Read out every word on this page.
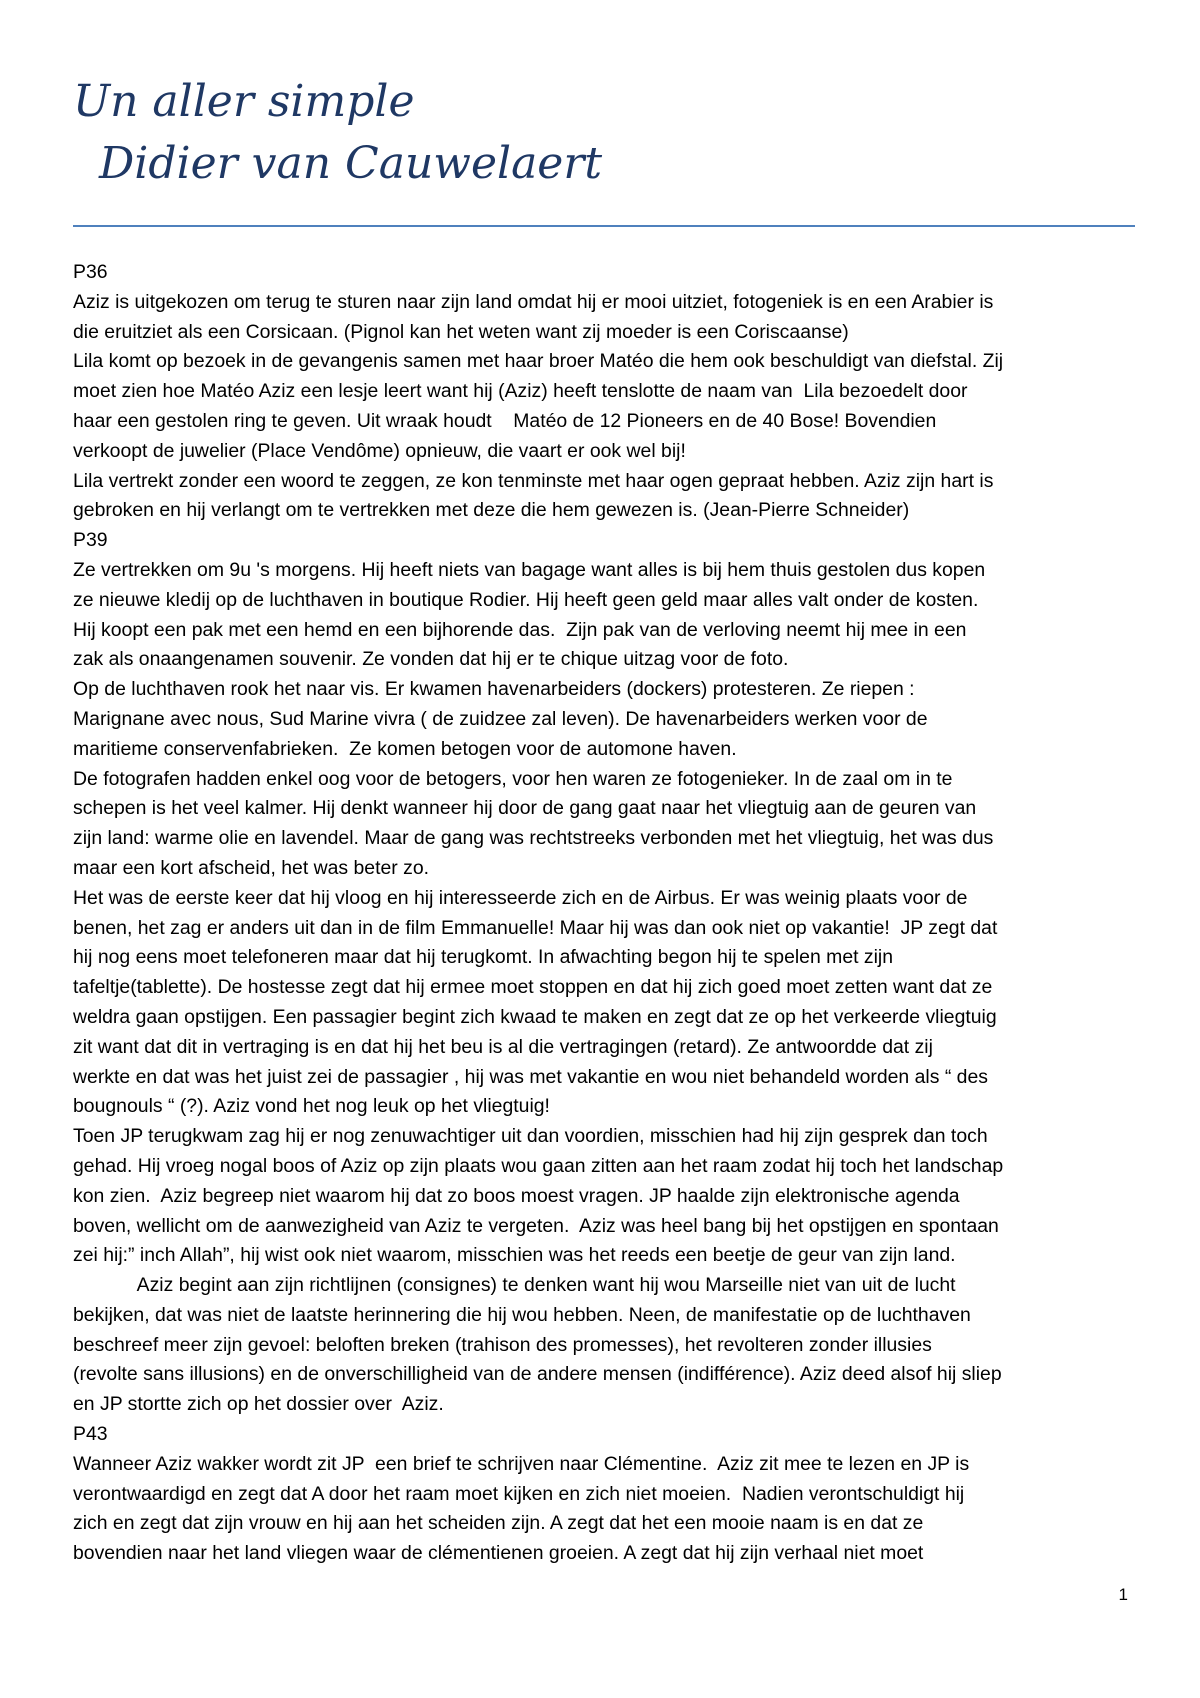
Un aller simple
Didier van Cauwelaert
P36
Aziz is uitgekozen om terug te sturen naar zijn land omdat hij er mooi uitziet, fotogeniek is en een Arabier is
die eruitziet als een Corsicaan. (Pignol kan het weten want zij moeder is een Coriscaanse)
Lila komt op bezoek in de gevangenis samen met haar broer Matéo die hem ook beschuldigt van diefstal. Zij
moet zien hoe Matéo Aziz een lesje leert want hij (Aziz) heeft tenslotte de naam van  Lila bezoedelt door
haar een gestolen ring te geven. Uit wraak houdt    Matéo de 12 Pioneers en de 40 Bose! Bovendien
verkoopt de juwelier (Place Vendôme) opnieuw, die vaart er ook wel bij!
Lila vertrekt zonder een woord te zeggen, ze kon tenminste met haar ogen gepraat hebben. Aziz zijn hart is
gebroken en hij verlangt om te vertrekken met deze die hem gewezen is. (Jean-Pierre Schneider)
P39
Ze vertrekken om 9u 's morgens. Hij heeft niets van bagage want alles is bij hem thuis gestolen dus kopen
ze nieuwe kledij op de luchthaven in boutique Rodier. Hij heeft geen geld maar alles valt onder de kosten.
Hij koopt een pak met een hemd en een bijhorende das.  Zijn pak van de verloving neemt hij mee in een
zak als onaangenamen souvenir. Ze vonden dat hij er te chique uitzag voor de foto.
Op de luchthaven rook het naar vis. Er kwamen havenarbeiders (dockers) protesteren. Ze riepen :
Marignane avec nous, Sud Marine vivra ( de zuidzee zal leven). De havenarbeiders werken voor de
maritieme conservenfabrieken.  Ze komen betogen voor de automone haven.
De fotografen hadden enkel oog voor de betogers, voor hen waren ze fotogenieker. In de zaal om in te
schepen is het veel kalmer. Hij denkt wanneer hij door de gang gaat naar het vliegtuig aan de geuren van
zijn land: warme olie en lavendel. Maar de gang was rechtstreeks verbonden met het vliegtuig, het was dus
maar een kort afscheid, het was beter zo.
Het was de eerste keer dat hij vloog en hij interesseerde zich en de Airbus. Er was weinig plaats voor de
benen, het zag er anders uit dan in de film Emmanuelle! Maar hij was dan ook niet op vakantie!  JP zegt dat
hij nog eens moet telefoneren maar dat hij terugkomt. In afwachting begon hij te spelen met zijn
tafeltje(tablette). De hostesse zegt dat hij ermee moet stoppen en dat hij zich goed moet zetten want dat ze
weldra gaan opstijgen. Een passagier begint zich kwaad te maken en zegt dat ze op het verkeerde vliegtuig
zit want dat dit in vertraging is en dat hij het beu is al die vertragingen (retard). Ze antwoordde dat zij
werkte en dat was het juist zei de passagier , hij was met vakantie en wou niet behandeld worden als “ des
bougnouls “ (?). Aziz vond het nog leuk op het vliegtuig!
Toen JP terugkwam zag hij er nog zenuwachtiger uit dan voordien, misschien had hij zijn gesprek dan toch
gehad. Hij vroeg nogal boos of Aziz op zijn plaats wou gaan zitten aan het raam zodat hij toch het landschap
kon zien.  Aziz begreep niet waarom hij dat zo boos moest vragen. JP haalde zijn elektronische agenda
boven, wellicht om de aanwezigheid van Aziz te vergeten.  Aziz was heel bang bij het opstijgen en spontaan
zei hij:” inch Allah”, hij wist ook niet waarom, misschien was het reeds een beetje de geur van zijn land.
Aziz begint aan zijn richtlijnen (consignes) te denken want hij wou Marseille niet van uit de lucht
bekijken, dat was niet de laatste herinnering die hij wou hebben. Neen, de manifestatie op de luchthaven
beschreef meer zijn gevoel: beloften breken (trahison des promesses), het revolteren zonder illusies
(revolte sans illusions) en de onverschilligheid van de andere mensen (indifférence). Aziz deed alsof hij sliep
en JP stortte zich op het dossier over  Aziz.
P43
Wanneer Aziz wakker wordt zit JP  een brief te schrijven naar Clémentine.  Aziz zit mee te lezen en JP is
verontwaardigd en zegt dat A door het raam moet kijken en zich niet moeien.  Nadien verontschuldigt hij
zich en zegt dat zijn vrouw en hij aan het scheiden zijn. A zegt dat het een mooie naam is en dat ze
bovendien naar het land vliegen waar de clémentienen groeien. A zegt dat hij zijn verhaal niet moet
1
